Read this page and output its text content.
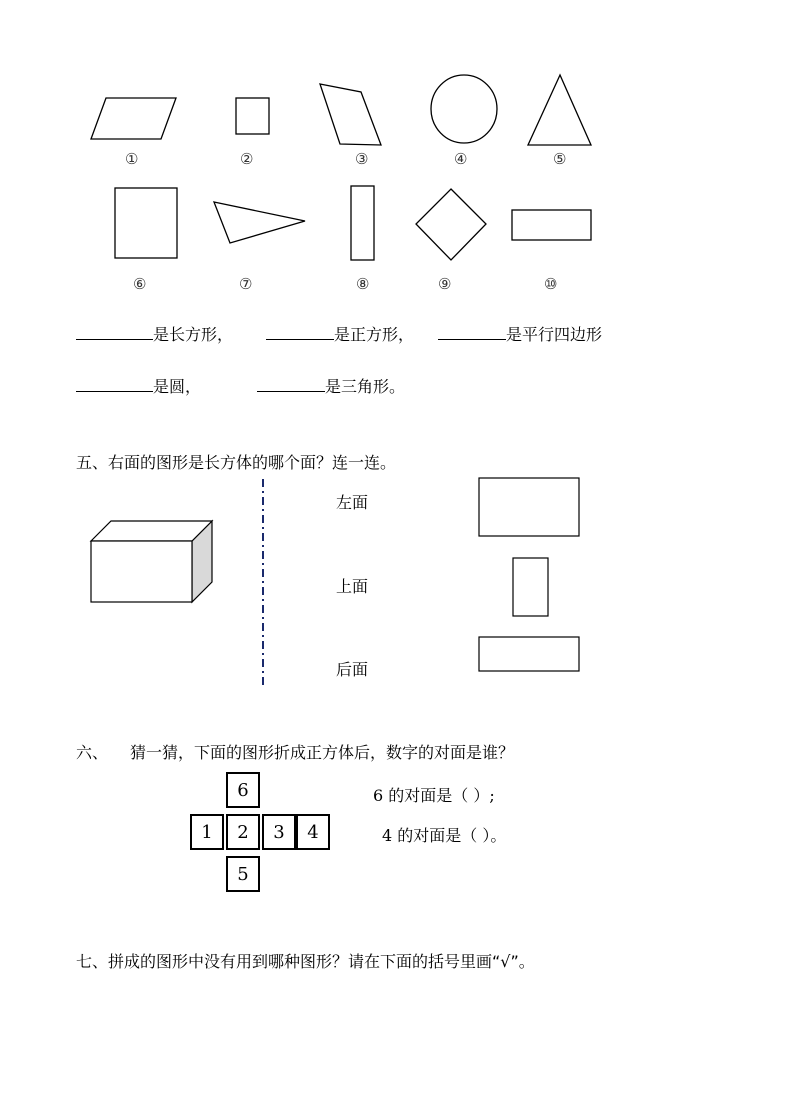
①	②	③	④	⑤
⑥	⑦	⑧	⑨	⑩
是长方形，	是正方形，	是平行四边形
是圆，	是三角形。
五、右面的图形是长方体的哪个面？连一连。
左面
上面
后面
六、 猜一猜，下面的图形折成正方体后，数字的对面是谁？
6
1	2	3	4
5
6 的对面是（ ）;
4 的对面是（ ）。
七、拼成的图形中没有用到哪种图形？请在下面的括号里画“√”。
